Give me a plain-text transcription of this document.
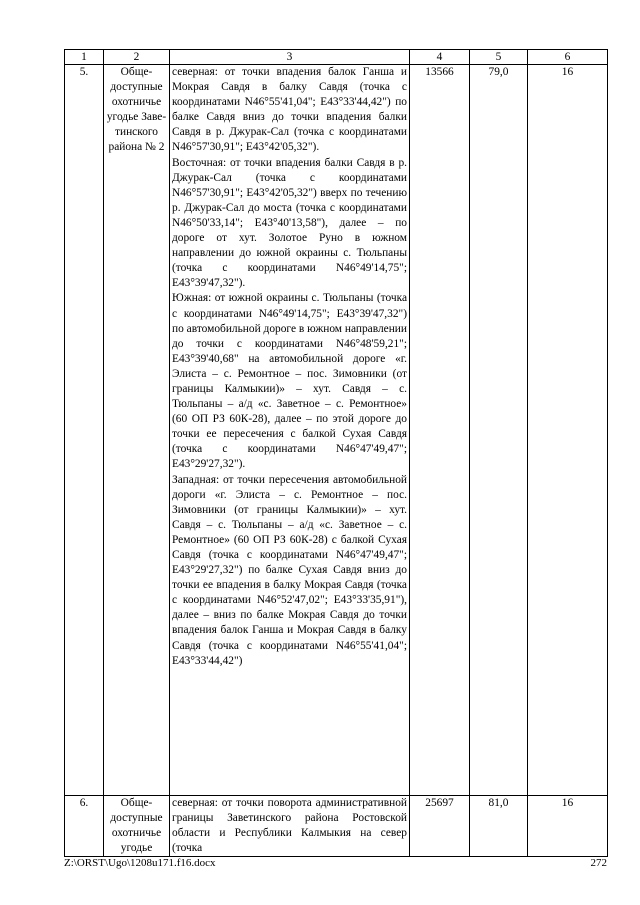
1	2	3	4	5	6
5.	Обще-доступные охотничье угодье Заве-тинского района № 2	северная: от точки впадения балок Ганша и Мокрая Савдя в балку Савдя (точка с координатами N46°55'41,04"; E43°33'44,42") по балке Савдя вниз до точки впадения балки Савдя в р. Джурак-Сал (точка с координатами N46°57'30,91"; E43°42'05,32").

Восточная: от точки впадения балки Савдя в р. Джурак-Сал (точка с координатами N46°57'30,91"; E43°42'05,32") вверх по течению р. Джурак-Сал до моста (точка с координатами N46°50'33,14"; E43°40'13,58"), далее – по дороге от хут. Золотое Руно в южном направлении до южной окраины с. Тюльпаны (точка с координатами N46°49'14,75"; E43°39'47,32").

Южная: от южной окраины с. Тюльпаны (точка с координатами N46°49'14,75"; E43°39'47,32") по автомобильной дороге в южном направлении до точки с координатами N46°48'59,21"; E43°39'40,68" на автомобильной дороге «г. Элиста – с. Ремонтное – пос. Зимовники (от границы Калмыкии)» – хут. Савдя – с. Тюльпаны – а/д «с. Заветное – с. Ремонтное» (60 ОП РЗ 60К-28), далее – по этой дороге до точки ее пересечения с балкой Сухая Савдя (точка с координатами N46°47'49,47"; E43°29'27,32").

Западная: от точки пересечения автомобильной дороги «г. Элиста – с. Ремонтное – пос. Зимовники (от границы Калмыкии)» – хут. Савдя – с. Тюльпаны – а/д «с. Заветное – с. Ремонтное» (60 ОП РЗ 60К-28) с балкой Сухая Савдя (точка с координатами N46°47'49,47"; E43°29'27,32") по балке Сухая Савдя вниз до точки ее впадения в балку Мокрая Савдя (точка с координатами N46°52'47,02"; E43°33'35,91"), далее – вниз по балке Мокрая Савдя до точки впадения балок Ганша и Мокрая Савдя в балку Савдя (точка с координатами N46°55'41,04"; E43°33'44,42")	13566	79,0	16
6.	Обще-доступные охотничье угодье	северная: от точки поворота административной границы Заветинского района Ростовской области и Республики Калмыкия на север (точка	25697	81,0	16
Z:\ORST\Ugo\1208u171.f16.docx	272
